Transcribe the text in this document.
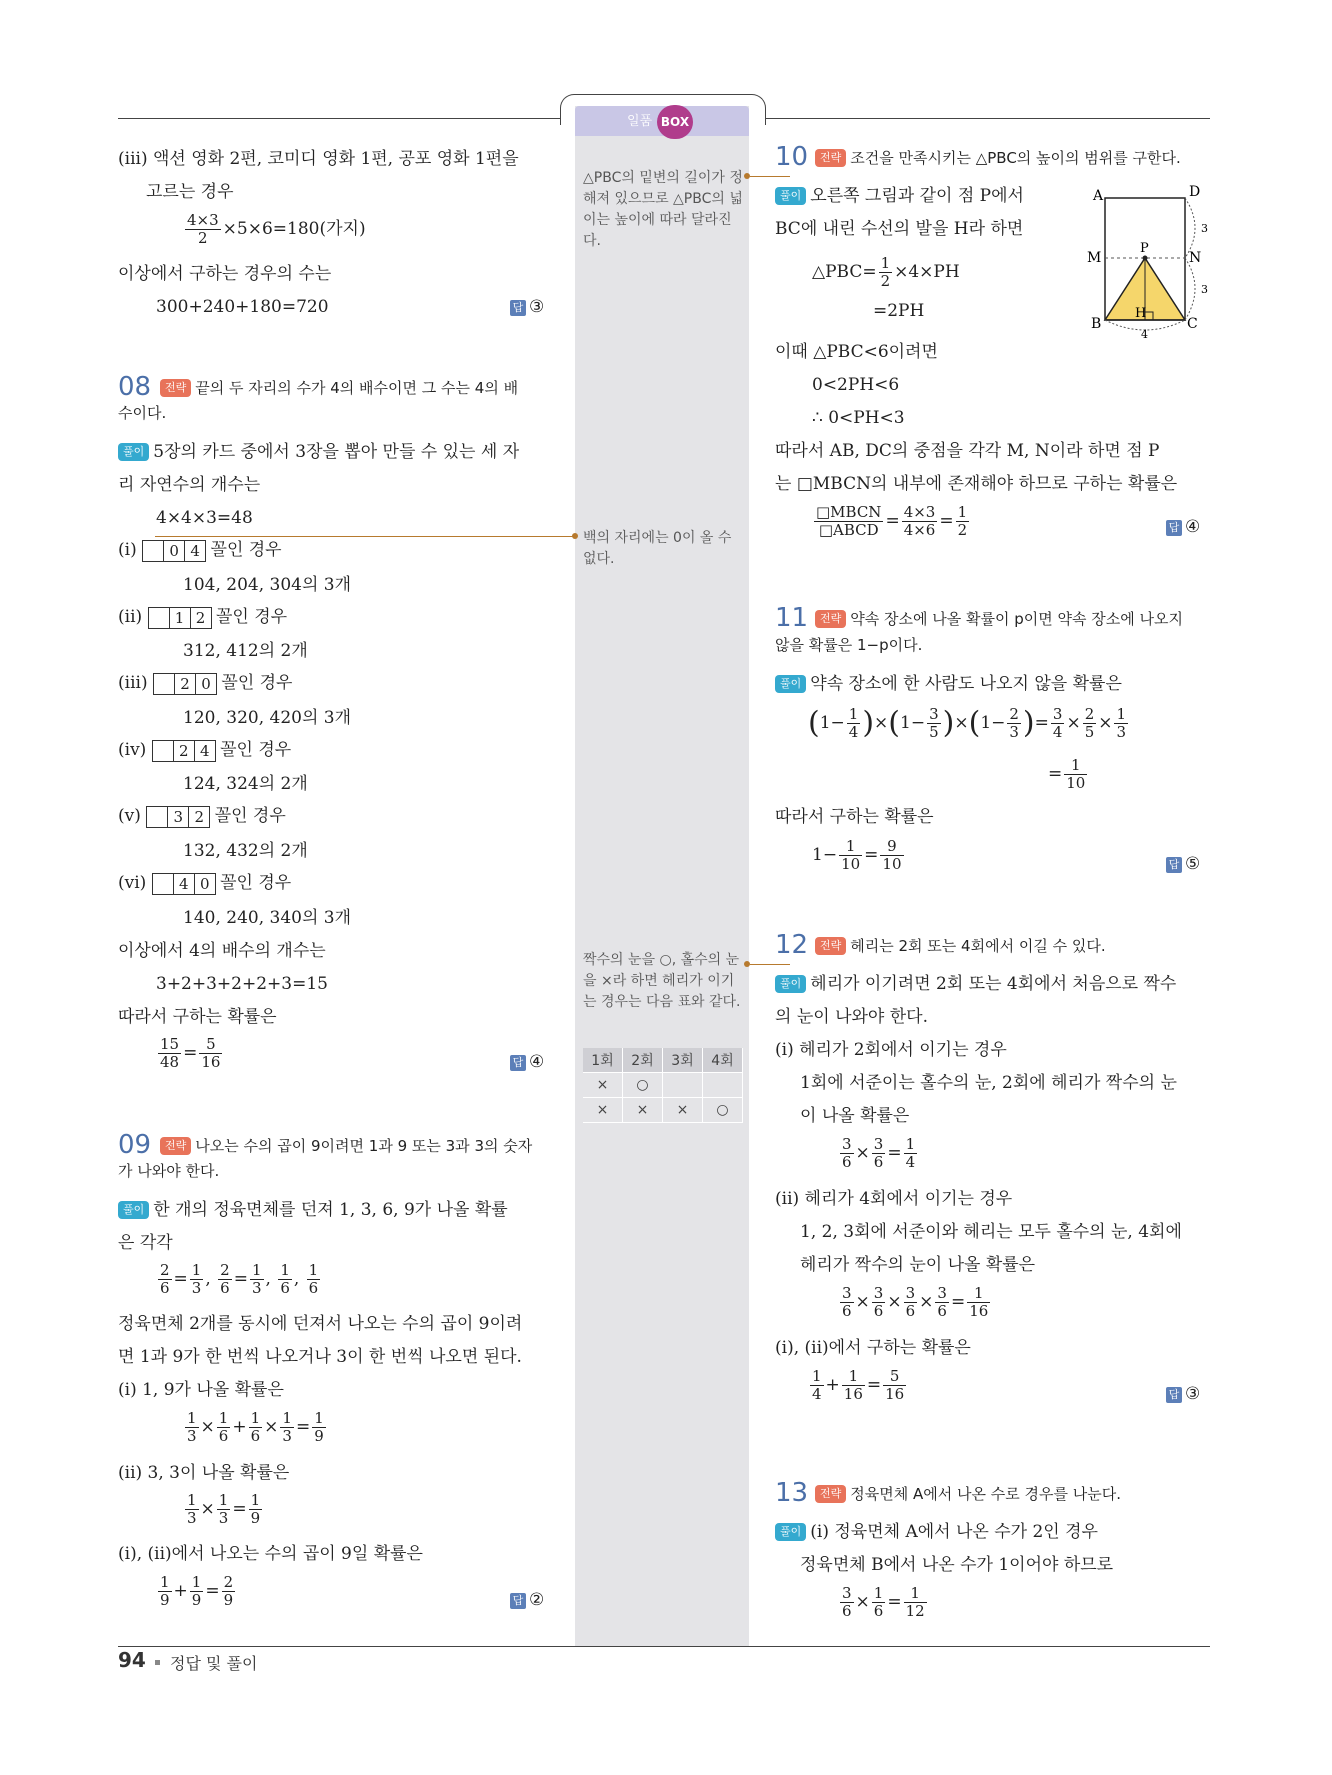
일품 BOX
△PBC의 밑변의 길이가 정해져 있으므로 △PBC의 넓이는 높이에 따라 달라진다.
백의 자리에는 0이 올 수 없다.
짝수의 눈을 ○, 홀수의 눈을 ×라 하면 헤리가 이기는 경우는 다음 표와 같다.
1회	2회	3회	4회
×	○		
×	×	×	○
(iii) 액션 영화 2편, 코미디 영화 1편, 공포 영화 1편을
고르는 경우
$\frac{4\times 3}{2} \times 5\times 6=180$(가지)
이상에서 구하는 경우의 수는
300+240+180=720	답 ③
08	전략 끝의 두 자리의 수가 4의 배수이면 그 수는 4의 배
수이다.
풀이 5장의 카드 중에서 3장을 뽑아 만들 수 있는 세 자
리 자연수의 개수는
4×4×3=48
(i) 0 4 꼴인 경우
104, 204, 304의 3개
(ii) 1 2 꼴인 경우
312, 412의 2개
(iii) 2 0 꼴인 경우
120, 320, 420의 3개
(iv) 2 4 꼴인 경우
124, 324의 2개
(v) 3 2 꼴인 경우
132, 432의 2개
(vi) 4 0 꼴인 경우
140, 240, 340의 3개
이상에서 4의 배수의 개수는
3+2+3+2+2+3=15
따라서 구하는 확률은
$\frac{15}{48} = \frac{5}{16}$	답 ④
09	전략 나오는 수의 곱이 9이려면 1과 9 또는 3과 3의 숫자
가 나와야 한다.
풀이 한 개의 정육면체를 던져 1, 3, 6, 9가 나올 확률
은 각각
$\frac{2}{6} = \frac{1}{3}$ , $\frac{2}{6} = \frac{1}{3}$ , $\frac{1}{6}$ , $\frac{1}{6}$
정육면체 2개를 동시에 던져서 나오는 수의 곱이 9이려
면 1과 9가 한 번씩 나오거나 3이 한 번씩 나오면 된다.
(i) 1, 9가 나올 확률은
$\frac{1}{3} \times \frac{1}{6} + \frac{1}{6} \times \frac{1}{3} = \frac{1}{9}$
(ii) 3, 3이 나올 확률은
$\frac{1}{3} \times \frac{1}{3} = \frac{1}{9}$
(i), (ii)에서 나오는 수의 곱이 9일 확률은
$\frac{1}{9} + \frac{1}{9} = \frac{2}{9}$	답 ②
10	전략 조건을 만족시키는 △PBC의 높이의 범위를 구한다.
풀이 오른쪽 그림과 같이 점 P에서
BC에 내린 수선의 발을 H라 하면
△PBC= $\frac{1}{2} \times 4\times PH$
=2PH
이때 △PBC<6이려면
0<2PH<6
∴ 0<PH<3
따라서 AB, DC의 중점을 각각 M, N이라 하면 점 P
는 □MBCN의 내부에 존재해야 하므로 구하는 확률은
$\frac{\text{□MBCN}}{\text{□ABCD}} = \frac{4\times 3}{4\times 6} = \frac{1}{2}$	답 ④
A	D
M	N
P
H
B	C
3
3
4
11	전략 약속 장소에 나올 확률이 p이면 약속 장소에 나오지
않을 확률은 1−p이다.
풀이 약속 장소에 한 사람도 나오지 않을 확률은
$(1- \frac{1}{4} )\times(1- \frac{3}{5} )\times(1- \frac{2}{3}$ )= $\frac{3}{4} \times \frac{2}{5} \times \frac{1}{3}$
= $\frac{1}{10}$
따라서 구하는 확률은
$1- \frac{1}{10} = \frac{9}{10}$	답 ⑤
12	전략 헤리는 2회 또는 4회에서 이길 수 있다.
풀이 헤리가 이기려면 2회 또는 4회에서 처음으로 짝수
의 눈이 나와야 한다.
(i) 헤리가 2회에서 이기는 경우
1회에 서준이는 홀수의 눈, 2회에 헤리가 짝수의 눈
이 나올 확률은
$\frac{3}{6} \times \frac{3}{6} = \frac{1}{4}$
(ii) 헤리가 4회에서 이기는 경우
1, 2, 3회에 서준이와 헤리는 모두 홀수의 눈, 4회에
헤리가 짝수의 눈이 나올 확률은
$\frac{3}{6} \times \frac{3}{6} \times \frac{3}{6} \times \frac{3}{6} = \frac{1}{16}$
(i), (ii)에서 구하는 확률은
$\frac{1}{4} + \frac{1}{16} = \frac{5}{16}$	답 ③
13	전략 정육면체 A에서 나온 수로 경우를 나눈다.
풀이 (i) 정육면체 A에서 나온 수가 2인 경우
정육면체 B에서 나온 수가 1이어야 하므로
$\frac{3}{6} \times \frac{1}{6} = \frac{1}{12}$
94 정답 및 풀이
